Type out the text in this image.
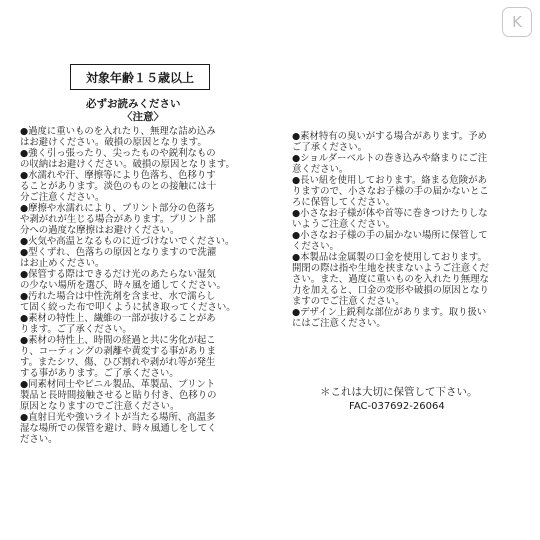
K
対象年齢１５歳以上
必ずお読みください
〈注意〉
●過度に重いものを入れたり、無理な詰め込み
はお避けください。破損の原因となります。
●強く引っ張ったり、尖ったものや鋭利なもの
の収納はお避けください。破損の原因となります。
●水濡れや汗、摩擦等により色落ち、色移りす
ることがあります。淡色のものとの接触には十
分ご注意ください。
●摩擦や水濡れにより、プリント部分の色落ち
や剥がれが生じる場合があります。プリント部
分への過度な摩擦はお避けください。
●火気や高温となるものに近づけないでください。
●型くずれ、色落ちの原因となりますので洗濯
はお止めください。
●保管する際はできるだけ光のあたらない湿気
の少ない場所を選び、時々風を通してください。
●汚れた場合は中性洗剤を含ませ、水で濡らし
て固く絞った布で叩くように拭き取ってください。
●素材の特性上、繊維の一部が抜けることがあ
ります。ご了承ください。
●素材の特性上、時間の経過と共に劣化が起こ
り、コーティングの剥離や黄変する事がありま
す。またシワ、傷、ひび割れや剥がれ等が発生
する事があります。ご了承ください。
●同素材同士やビニル製品、革製品、プリント
製品と長時間接触させると貼り付き、色移りの
原因となりますのでご注意ください。
●直射日光や強いライトが当たる場所、高温多
湿な場所での保管を避け、時々風通しをしてく
ださい。
●素材特有の臭いがする場合があります。予め
ご了承ください。
●ショルダーベルトの巻き込みや絡まりにご注
意ください。
●長い紐を使用しております。絡まる危険があ
りますので、小さなお子様の手の届かないとこ
ろに保管してください。
●小さなお子様が体や首等に巻きつけたりしな
いようご注意ください。
●小さなお子様の手の届かない場所に保管して
ください。
●本製品は金属製の口金を使用しております。
開閉の際は指や生地を挟まないようご注意くだ
さい。また、過度に重いものを入れたり無理な
力を加えると、口金の変形や破損の原因となり
ますのでご注意ください。
●デザイン上鋭利な部位があります。取り扱い
にはご注意ください。
＊これは大切に保管して下さい。
FAC-037692-26064
